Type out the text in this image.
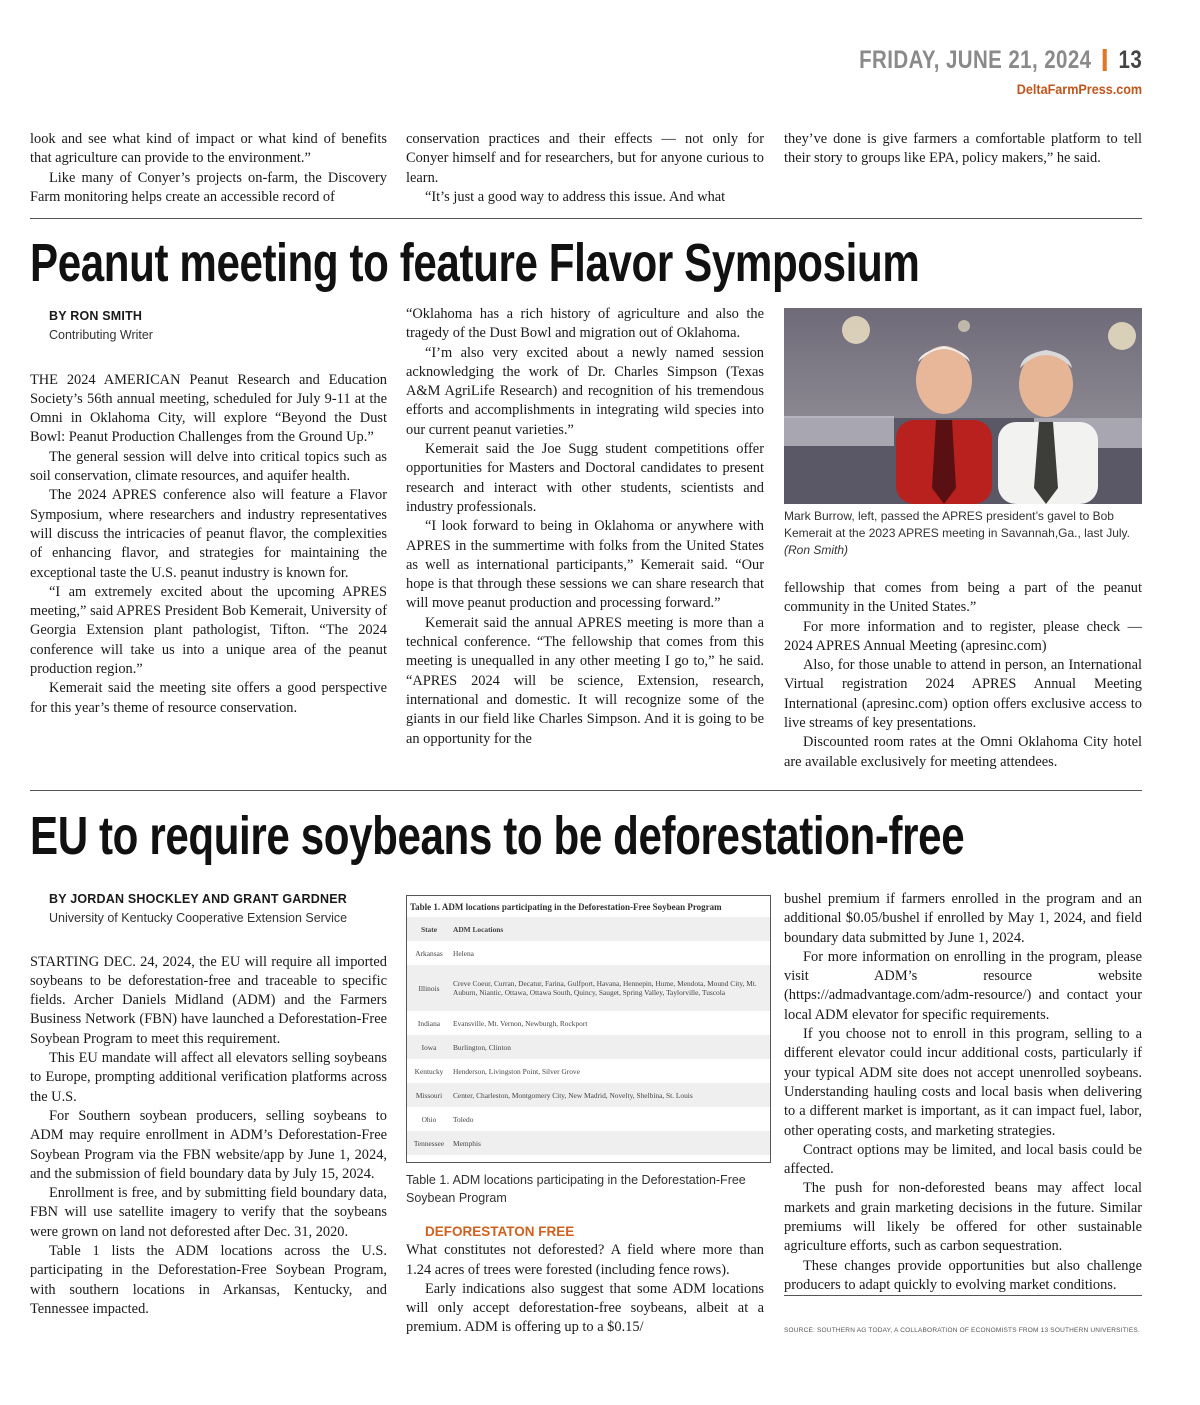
FRIDAY, JUNE 21, 2024 13
DeltaFarmPress.com

look and see what kind of impact or what kind of benefits that agriculture can provide to the environment.”

Like many of Conyer’s projects on-farm, the Discovery Farm monitoring helps create an accessible record of

conservation practices and their effects — not only for Conyer himself and for researchers, but for anyone curious to learn.

“It’s just a good way to address this issue. And what

they’ve done is give farmers a comfortable platform to tell their story to groups like EPA, policy makers,” he said.

Peanut meeting to feature Flavor Symposium

BY RON SMITH

Contributing Writer

THE 2024 AMERICAN Peanut Research and Education Society’s 56th annual meeting, scheduled for July 9-11 at the Omni in Oklahoma City, will explore “Beyond the Dust Bowl: Peanut Production Challenges from the Ground Up.”

The general session will delve into critical topics such as soil conservation, climate resources, and aquifer health.

The 2024 APRES conference also will feature a Flavor Symposium, where researchers and industry representatives will discuss the intricacies of peanut flavor, the complexities of enhancing flavor, and strategies for maintaining the exceptional taste the U.S. peanut industry is known for.

“I am extremely excited about the upcoming APRES meeting,” said APRES President Bob Kemerait, University of Georgia Extension plant pathologist, Tifton. “The 2024 conference will take us into a unique area of the peanut production region.”

Kemerait said the meeting site offers a good perspective for this year’s theme of resource conservation.

“Oklahoma has a rich history of agriculture and also the tragedy of the Dust Bowl and migration out of Oklahoma.

“I’m also very excited about a newly named session acknowledging the work of Dr. Charles Simpson (Texas A&M AgriLife Research) and recognition of his tremendous efforts and accomplishments in integrating wild species into our current peanut varieties.”

Kemerait said the Joe Sugg student competitions offer opportunities for Masters and Doctoral candidates to present research and interact with other students, scientists and industry professionals.

“I look forward to being in Oklahoma or anywhere with APRES in the summertime with folks from the United States as well as international participants,” Kemerait said. “Our hope is that through these sessions we can share research that will move peanut production and processing forward.”

Kemerait said the annual APRES meeting is more than a technical conference. “The fellowship that comes from this meeting is unequalled in any other meeting I go to,” he said. “APRES 2024 will be science, Extension, research, international and domestic. It will recognize some of the giants in our field like Charles Simpson. And it is going to be an opportunity for the

Mark Burrow, left, passed the APRES president’s gavel to Bob Kemerait at the 2023 APRES meeting in Savannah,Ga., last July.
(Ron Smith)

fellowship that comes from being a part of the peanut community in the United States.”

For more information and to register, please check — 2024 APRES Annual Meeting (apresinc.com)

Also, for those unable to attend in person, an International Virtual registration 2024 APRES Annual Meeting International (apresinc.com) option offers exclusive access to live streams of key presentations.

Discounted room rates at the Omni Oklahoma City hotel are available exclusively for meeting attendees.

EU to require soybeans to be deforestation-free

BY JORDAN SHOCKLEY AND GRANT GARDNER

University of Kentucky Cooperative Extension Service

STARTING DEC. 24, 2024, the EU will require all imported soybeans to be deforestation-free and traceable to specific fields. Archer Daniels Midland (ADM) and the Farmers Business Network (FBN) have launched a Deforestation-Free Soybean Program to meet this requirement.

This EU mandate will affect all elevators selling soybeans to Europe, prompting additional verification platforms across the U.S.

For Southern soybean producers, selling soybeans to ADM may require enrollment in ADM’s Deforestation-Free Soybean Program via the FBN website/app by June 1, 2024, and the submission of field boundary data by July 15, 2024.

Enrollment is free, and by submitting field boundary data, FBN will use satellite imagery to verify that the soybeans were grown on land not deforested after Dec. 31, 2020.

Table 1 lists the ADM locations across the U.S. participating in the Deforestation-Free Soybean Program, with southern locations in Arkansas, Kentucky, and Tennessee impacted.

Table 1. ADM locations participating in the Deforestation-Free Soybean Program
State	ADM Locations
Arkansas	Helena
Illinois	Creve Coeur, Curran, Decatur, Farina, Gulfport, Havana, Hennepin, Hume, Mendota, Mound City, Mt. Auburn, Niantic, Ottawa, Ottawa South, Quincy, Sauget, Spring Valley, Taylorville, Tuscola
Indiana	Evansville, Mt. Vernon, Newburgh, Rockport
Iowa	Burlington, Clinton
Kentucky	Henderson, Livingston Point, Silver Grove
Missouri	Center, Charleston, Montgomery City, New Madrid, Novelty, Shelbina, St. Louis
Ohio	Toledo
Tennessee	Memphis
Table 1. ADM locations participating in the Deforestation-Free Soybean Program

DEFORESTATON FREE

What constitutes not deforested? A field where more than 1.24 acres of trees were forested (including fence rows).

Early indications also suggest that some ADM locations will only accept deforestation-free soybeans, albeit at a premium. ADM is offering up to a $0.15/

bushel premium if farmers enrolled in the program and an additional $0.05/bushel if enrolled by May 1, 2024, and field boundary data submitted by June 1, 2024.

For more information on enrolling in the program, please visit ADM’s resource website (https://admadvantage.com/adm-resource/) and contact your local ADM elevator for specific requirements.

If you choose not to enroll in this program, selling to a different elevator could incur additional costs, particularly if your typical ADM site does not accept unenrolled soybeans. Understanding hauling costs and local basis when delivering to a different market is important, as it can impact fuel, labor, other operating costs, and marketing strategies.

Contract options may be limited, and local basis could be affected.

The push for non-deforested beans may affect local markets and grain marketing decisions in the future. Similar premiums will likely be offered for other sustainable agriculture efforts, such as carbon sequestration.

These changes provide opportunities but also challenge producers to adapt quickly to evolving market conditions.

SOURCE: SOUTHERN AG TODAY, A COLLABORATION OF ECONOMISTS FROM 13 SOUTHERN UNIVERSITIES.
